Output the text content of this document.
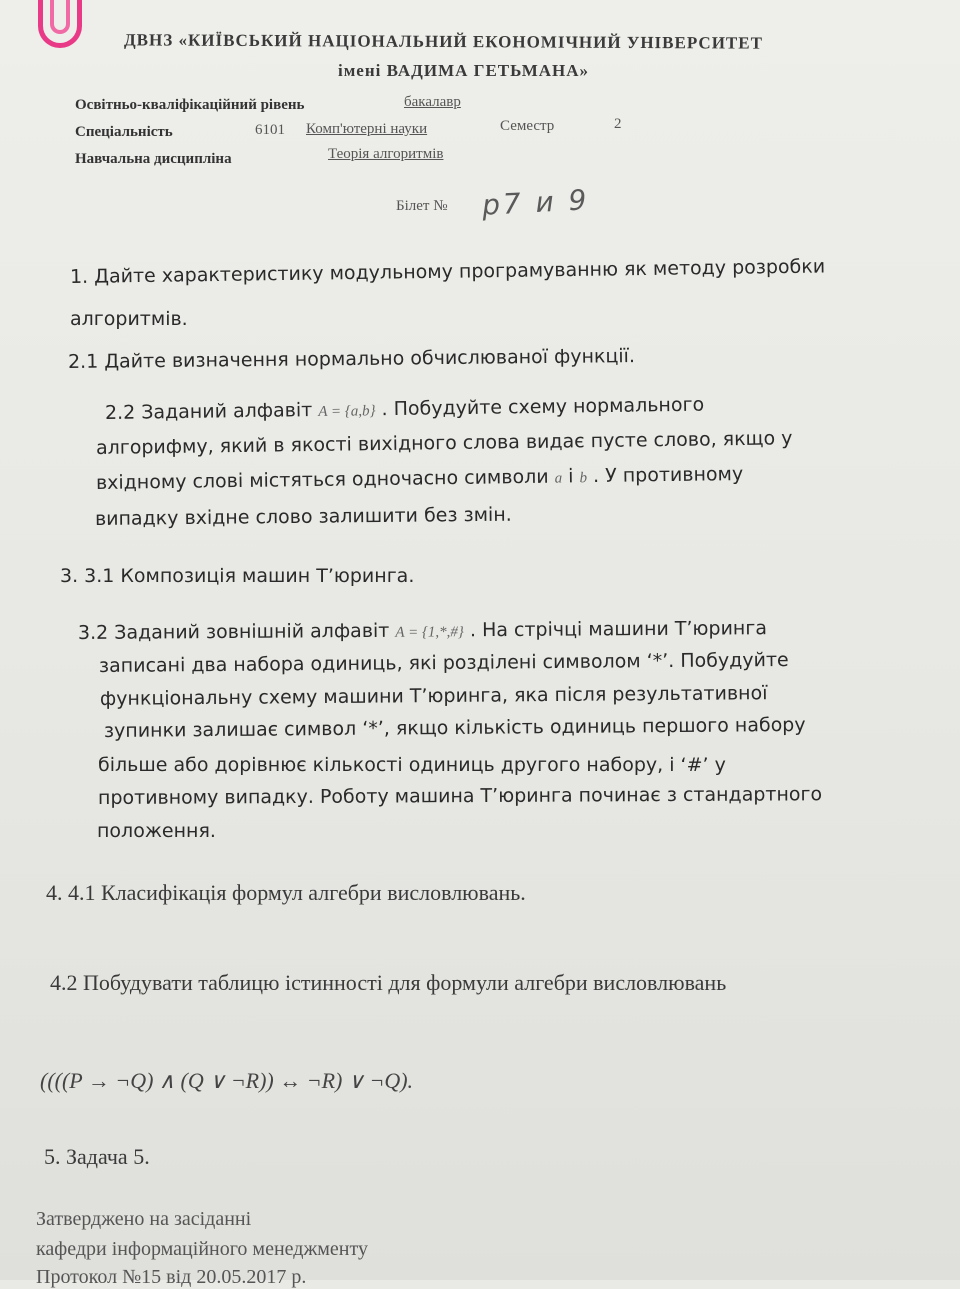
ДВНЗ «КИЇВСЬКИЙ НАЦІОНАЛЬНИЙ ЕКОНОМІЧНИЙ УНІВЕРСИТЕТ
імені ВАДИМА ГЕТЬМАНА»
Освітньо-кваліфікаційний рівень	бакалавр
Спеціальність	6101 Комп'ютерні науки	Семестр	2
Навчальна дисципліна	Теорія алгоритмів
Білет № р7 и 9
1. Дайте характеристику модульному програмуванню як методу розробки
алгоритмів.
2.1 Дайте визначення нормально обчислюваної функції.
2.2 Заданий алфавіт A = {a,b} . Побудуйте схему нормального
алгорифму, який в якості вихідного слова видає пусте слово, якщо у
вхідному слові містяться одночасно символи a і b . У противному
випадку вхідне слово залишити без змін.
3. 3.1 Композиція машин Т’юринга.
3.2 Заданий зовнішній алфавіт A = {1,*,#} . На стрічці машини Т’юринга
записані два набора одиниць, які розділені символом ‘*’. Побудуйте
функціональну схему машини Т’юринга, яка після результативної
зупинки залишає символ ‘*’, якщо кількість одиниць першого набору
більше або дорівнює кількості одиниць другого набору, і ‘#’ у
противному випадку. Роботу машина Т’юринга починає з стандартного
положення.
4. 4.1 Класифікація формул алгебри висловлювань.
4.2 Побудувати таблицю істинності для формули алгебри висловлювань
((((P → ¬Q) ∧ (Q ∨ ¬R)) ↔ ¬R) ∨ ¬Q).
5. Задача 5.
Затверджено на засіданні
кафедри інформаційного менеджменту
Протокол №15 від 20.05.2017 р.
